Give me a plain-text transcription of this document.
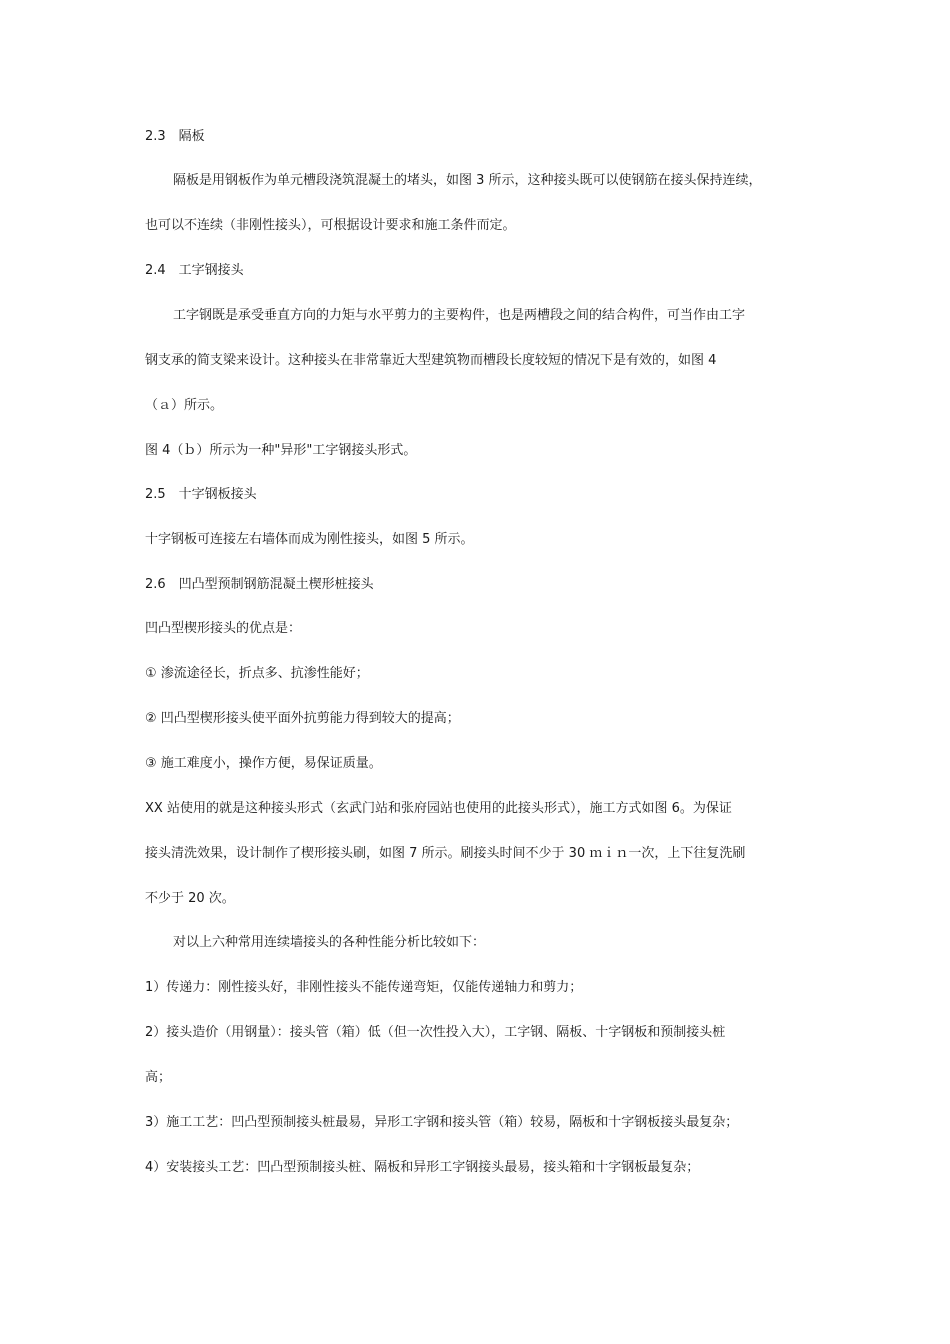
2.3　隔板
隔板是用钢板作为单元槽段浇筑混凝土的堵头，如图 3 所示，这种接头既可以使钢筋在接头保持连续，
也可以不连续（非刚性接头），可根据设计要求和施工条件而定。
2.4　工字钢接头
工字钢既是承受垂直方向的力矩与水平剪力的主要构件，也是两槽段之间的结合构件，可当作由工字
钢支承的简支梁来设计。这种接头在非常靠近大型建筑物而槽段长度较短的情况下是有效的，如图 4
（ａ）所示。
图 4（ｂ）所示为一种"异形"工字钢接头形式。
2.5　十字钢板接头
十字钢板可连接左右墙体而成为刚性接头，如图 5 所示。
2.6　凹凸型预制钢筋混凝土楔形桩接头
凹凸型楔形接头的优点是：
① 渗流途径长，折点多、抗渗性能好；
② 凹凸型楔形接头使平面外抗剪能力得到较大的提高；
③ 施工难度小，操作方便，易保证质量。
XX 站使用的就是这种接头形式（玄武门站和张府园站也使用的此接头形式），施工方式如图 6。为保证
接头清洗效果，设计制作了楔形接头刷，如图 7 所示。刷接头时间不少于 30 ｍｉｎ一次，上下往复洗刷
不少于 20 次。
对以上六种常用连续墙接头的各种性能分析比较如下：
1）传递力：刚性接头好，非刚性接头不能传递弯矩，仅能传递轴力和剪力；
2）接头造价（用钢量）：接头管（箱）低（但一次性投入大），工字钢、隔板、十字钢板和预制接头桩
高；
3）施工工艺：凹凸型预制接头桩最易，异形工字钢和接头管（箱）较易，隔板和十字钢板接头最复杂；
4）安装接头工艺：凹凸型预制接头桩、隔板和异形工字钢接头最易，接头箱和十字钢板最复杂；
